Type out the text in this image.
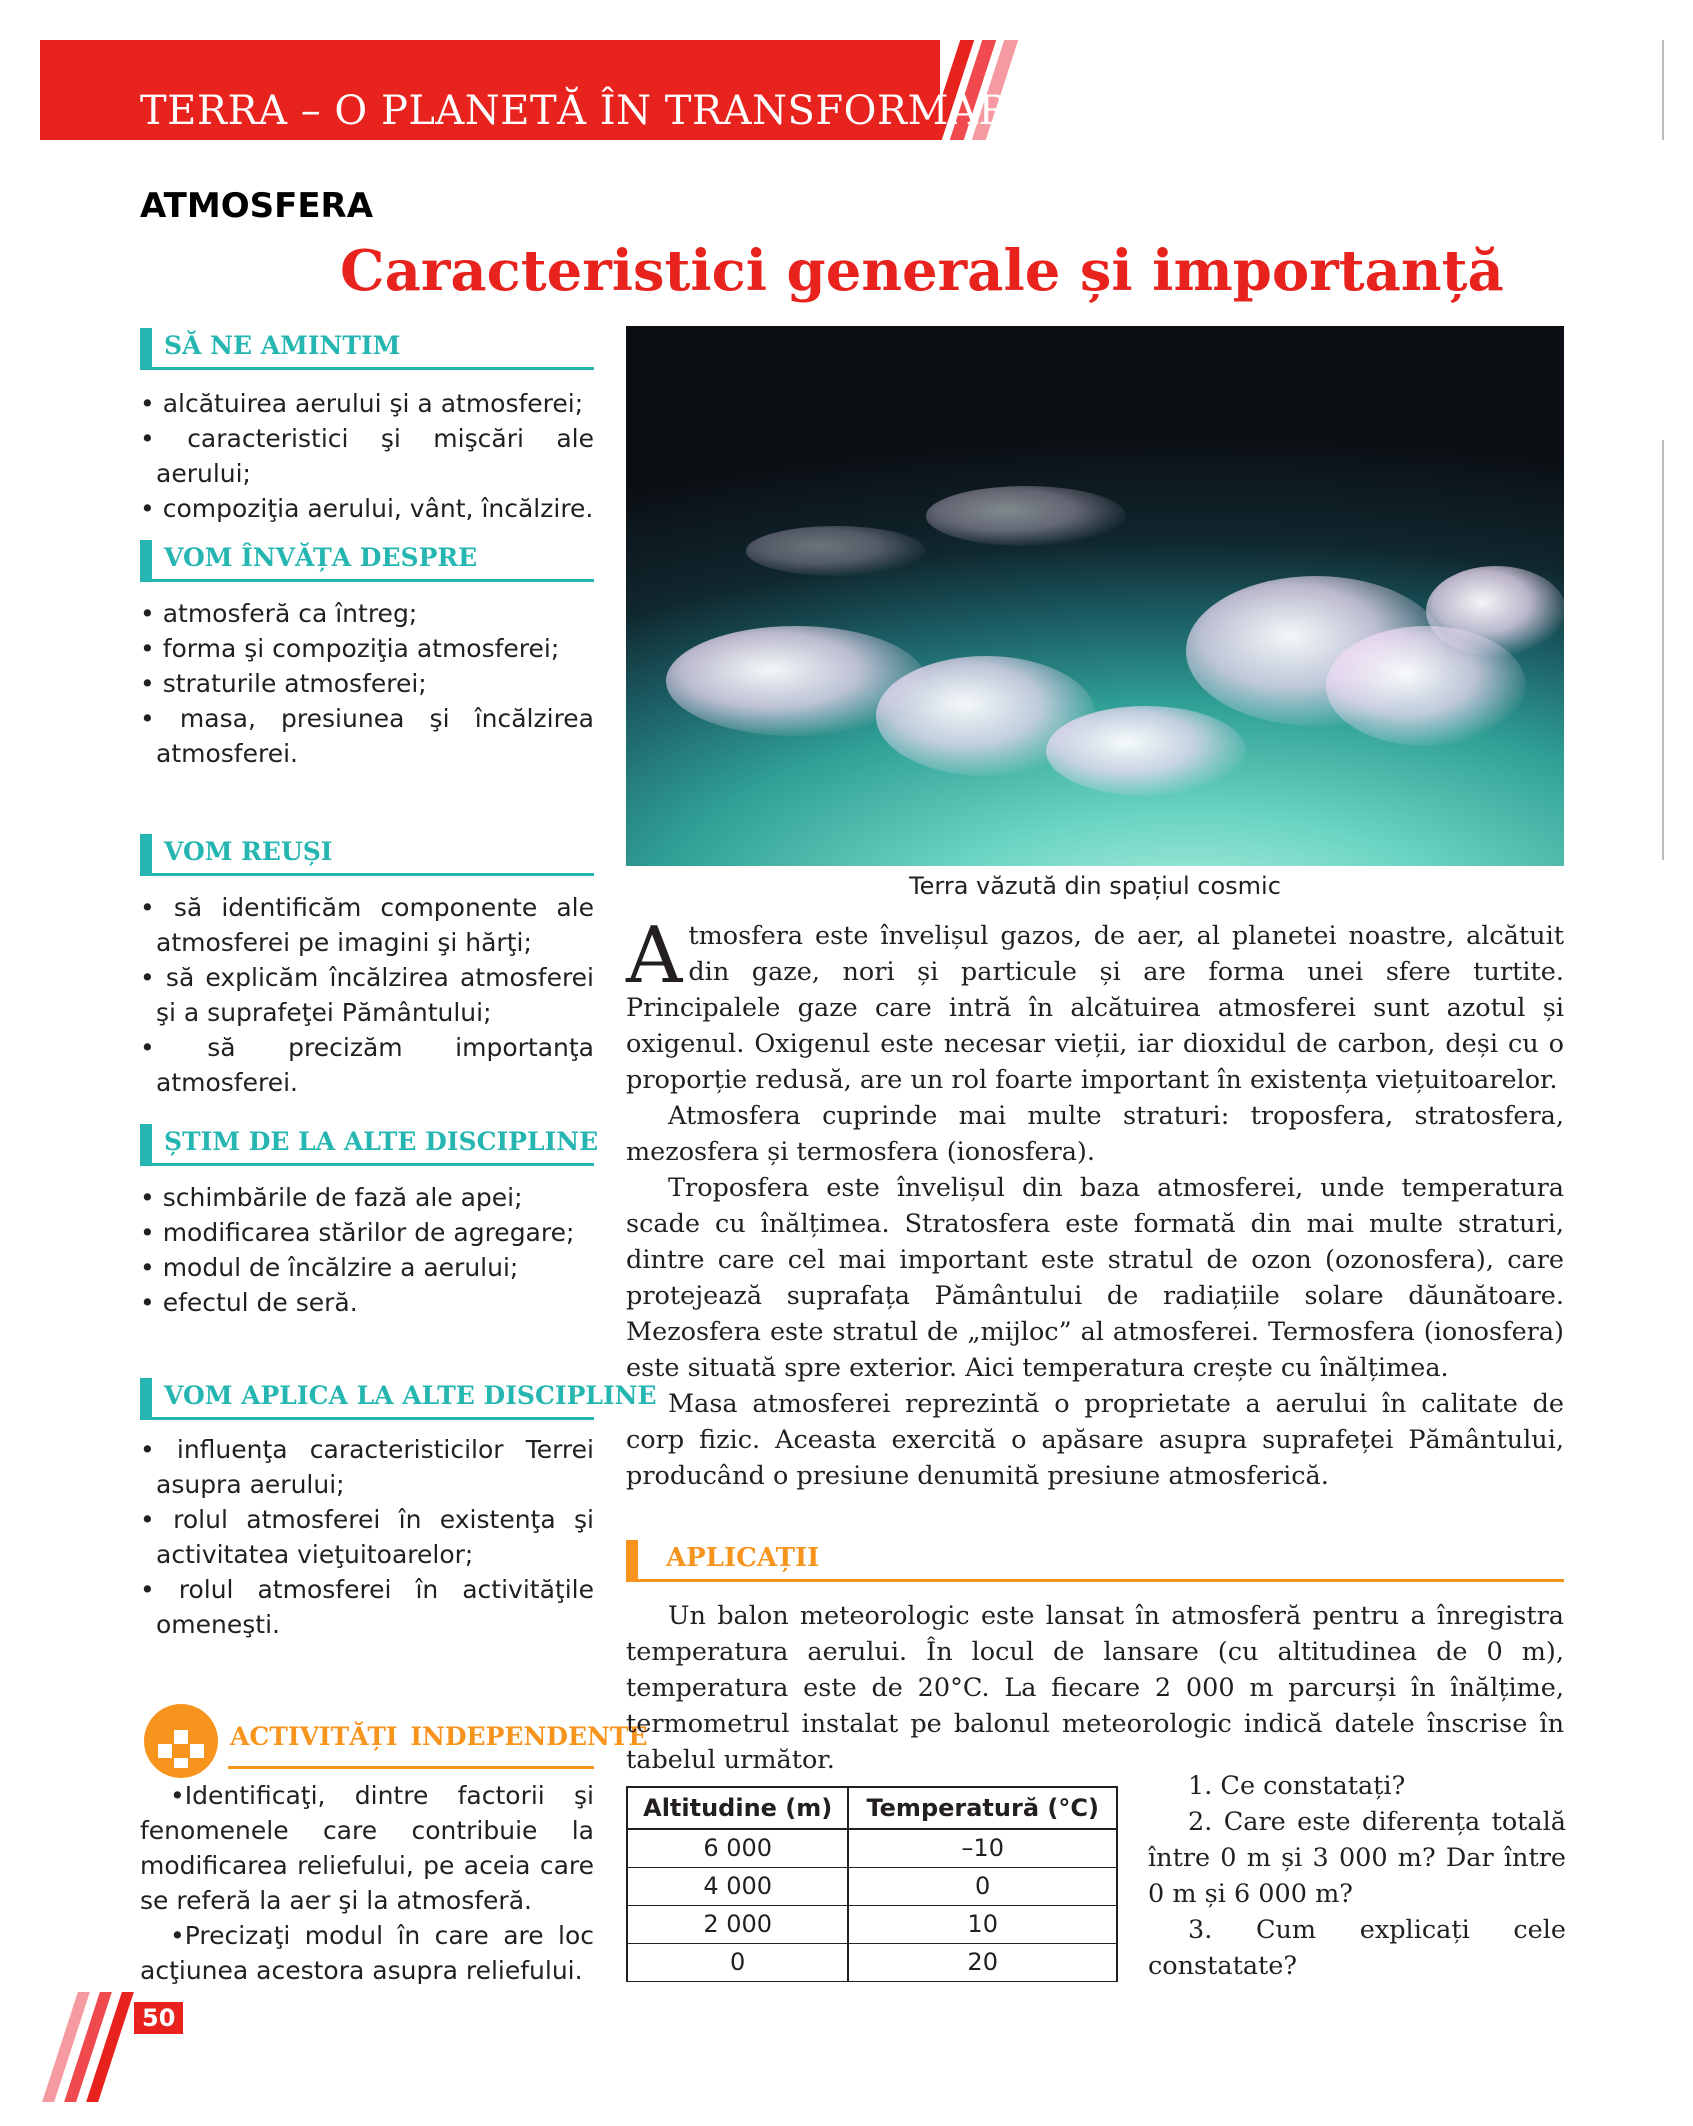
TERRA – O PLANETĂ ÎN TRANSFORMARE
ATMOSFERA
Caracteristici generale și importanță
SĂ NE AMINTIM
• alcătuirea aerului şi a atmosferei;
• caracteristici şi mişcări ale aerului;
• compoziţia aerului, vânt, încălzire.
VOM ÎNVĂȚA DESPRE
• atmosferă ca întreg;
• forma şi compoziţia atmosferei;
• straturile atmosferei;
• masa, presiunea şi încălzirea atmosferei.
VOM REUȘI
• să identificăm componente ale atmosferei pe imagini şi hărţi;
• să explicăm încălzirea atmosferei şi a suprafeţei Pământului;
• să precizăm importanţa atmosferei.
ȘTIM DE LA ALTE DISCIPLINE
• schimbările de fază ale apei;
• modificarea stărilor de agregare;
• modul de încălzire a aerului;
• efectul de seră.
VOM APLICA LA ALTE DISCIPLINE
• influenţa caracteristicilor Terrei asupra aerului;
• rolul atmosferei în existenţa şi activitatea vieţuitoarelor;
• rolul atmosferei în activităţile omeneşti.
ACTIVITĂȚI INDEPENDENTE

•Identificaţi, dintre factorii şi fenomenele care contribuie la modificarea reliefului, pe aceia care se referă la aer şi la atmosferă.

•Precizaţi modul în care are loc acţiunea acestora asupra reliefului.

Terra văzută din spațiul cosmic

Atmosfera este învelișul gazos, de aer, al planetei noastre, alcătuit din gaze, nori și particule și are forma unei sfere turtite. Principalele gaze care intră în alcătuirea atmosferei sunt azotul și oxigenul. Oxigenul este necesar vieții, iar dioxidul de carbon, deși cu o proporție redusă, are un rol foarte important în existența viețuitoarelor.

Atmosfera cuprinde mai multe straturi: troposfera, stratosfera, mezosfera și termosfera (ionosfera).

Troposfera este învelișul din baza atmosferei, unde temperatura scade cu înălțimea. Stratosfera este formată din mai multe straturi, dintre care cel mai important este stratul de ozon (ozonosfera), care protejează suprafața Pământului de radiațiile solare dăunătoare. Mezosfera este stratul de „mijloc” al atmosferei. Termosfera (ionosfera) este situată spre exterior. Aici temperatura crește cu înălțimea.

Masa atmosferei reprezintă o proprietate a aerului în calitate de corp fizic. Aceasta exercită o apăsare asupra suprafeței Pământului, producând o presiune denumită presiune atmosferică.

APLICAȚII
Un balon meteorologic este lansat în atmosferă pentru a înregistra temperatura aerului. În locul de lansare (cu altitudinea de 0 m), temperatura este de 20°C. La fiecare 2 000 m parcurși în înălțime, termometrul instalat pe balonul meteorologic indică datele înscrise în tabelul următor.
Altitudine (m)	Temperatură (°C)
6 000	–10
4 000	0
2 000	10
0	20

1. Ce constatați?

2. Care este diferența totală între 0 m și 3 000 m? Dar între 0 m și 6 000 m?

3. Cum explicați cele constatate?

50
